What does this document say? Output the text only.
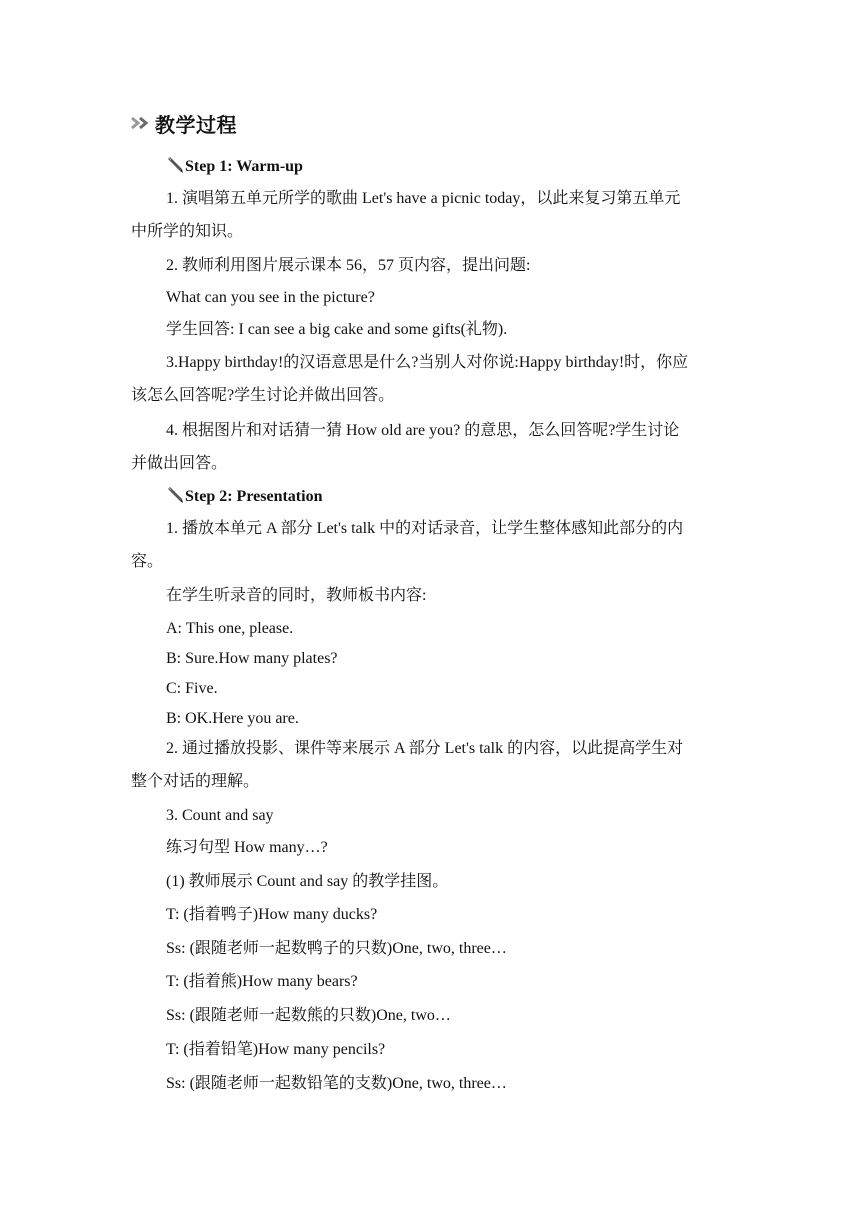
教学过程
Step 1: Warm-up
1. 演唱第五单元所学的歌曲 Let's have a picnic today，以此来复习第五单元
中所学的知识。
2. 教师利用图片展示课本 56，57 页内容，提出问题:
What can you see in the picture?
学生回答: I can see a big cake and some gifts(礼物).
3.Happy birthday!的汉语意思是什么?当别人对你说:Happy birthday!时，你应
该怎么回答呢?学生讨论并做出回答。
4. 根据图片和对话猜一猜 How old are you? 的意思，怎么回答呢?学生讨论
并做出回答。
Step 2: Presentation
1. 播放本单元 A 部分 Let's talk 中的对话录音，让学生整体感知此部分的内
容。
在学生听录音的同时，教师板书内容:
A: This one, please.
B: Sure.How many plates?
C: Five.
B: OK.Here you are.
2. 通过播放投影、课件等来展示 A 部分 Let's talk 的内容，以此提高学生对
整个对话的理解。
3. Count and say
练习句型 How many…?
(1) 教师展示 Count and say 的教学挂图。
T: (指着鸭子)How many ducks?
Ss: (跟随老师一起数鸭子的只数)One, two, three…
T: (指着熊)How many bears?
Ss: (跟随老师一起数熊的只数)One, two…
T: (指着铅笔)How many pencils?
Ss: (跟随老师一起数铅笔的支数)One, two, three…
